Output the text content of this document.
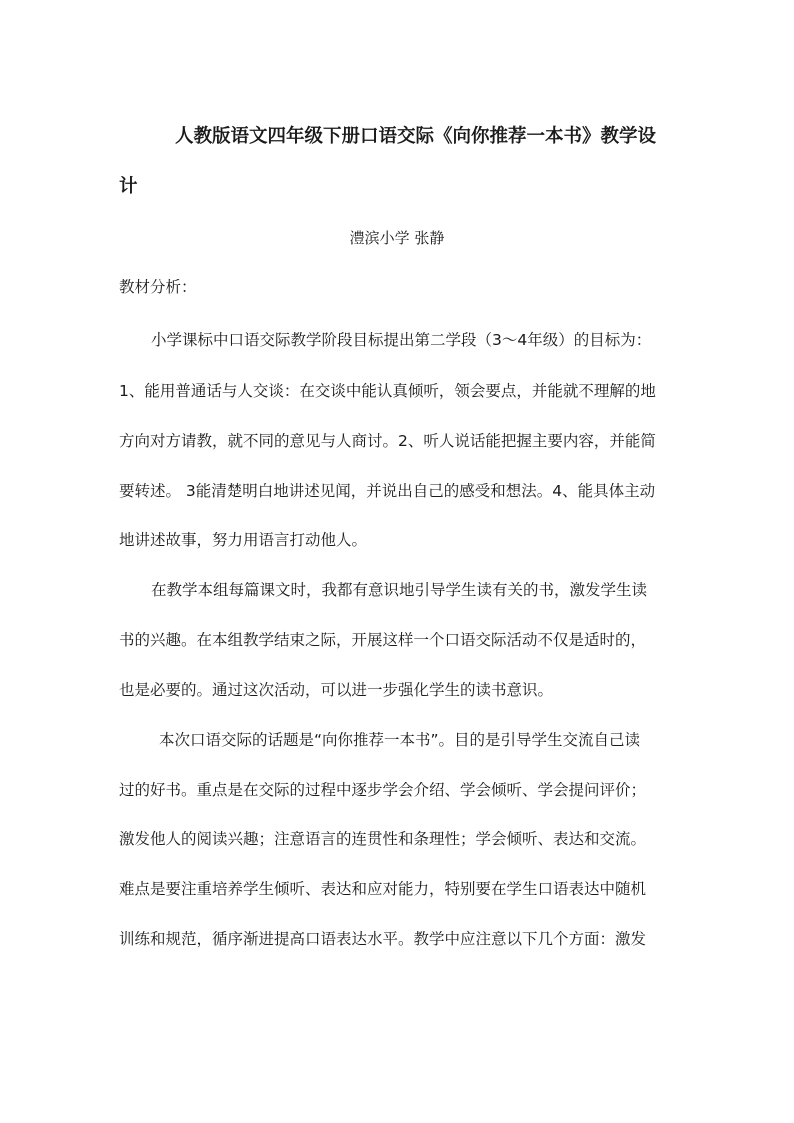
人教版语文四年级下册口语交际《向你推荐一本书》教学设
计
澧滨小学 张静
教材分析：
小学课标中口语交际教学阶段目标提出第二学段（3～4年级）的目标为：
1、能用普通话与人交谈：在交谈中能认真倾听，领会要点，并能就不理解的地
方向对方请教，就不同的意见与人商讨。2、听人说话能把握主要内容，并能简
要转述。 3能清楚明白地讲述见闻，并说出自己的感受和想法。4、能具体主动
地讲述故事，努力用语言打动他人。
在教学本组每篇课文时，我都有意识地引导学生读有关的书，激发学生读
书的兴趣。在本组教学结束之际，开展这样一个口语交际活动不仅是适时的，
也是必要的。通过这次活动，可以进一步强化学生的读书意识。
本次口语交际的话题是“向你推荐一本书”。目的是引导学生交流自己读
过的好书。重点是在交际的过程中逐步学会介绍、学会倾听、学会提问评价；
激发他人的阅读兴趣；注意语言的连贯性和条理性；学会倾听、表达和交流。
难点是要注重培养学生倾听、表达和应对能力，特别要在学生口语表达中随机
训练和规范，循序渐进提高口语表达水平。教学中应注意以下几个方面：激发
